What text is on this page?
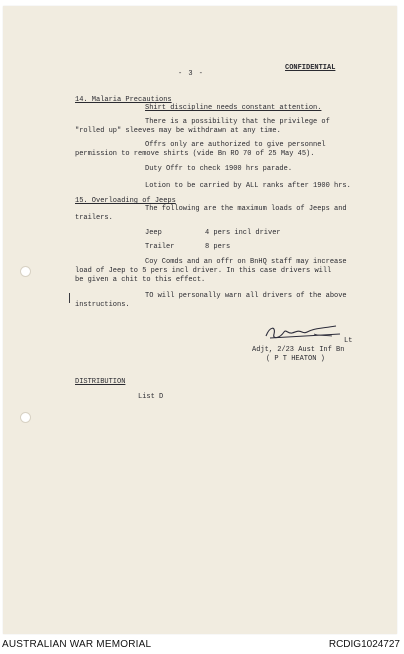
- 3 -
CONFIDENTIAL
14. Malaria Precautions
Shirt discipline needs constant attention.
There is a possibility that the privilege of
"rolled up" sleeves may be withdrawn at any time.
Offrs only are authorized to give personnel
permission to remove shirts (vide Bn RO 70 of 25 May 45).
Duty Offr to check 1900 hrs parade.
Lotion to be carried by ALL ranks after 1900 hrs.
15. Overloading of Jeeps
The following are the maximum loads of Jeeps and
trailers.
Jeep	4 pers incl driver
Trailer	8 pers
Coy Comds and an offr on BnHQ staff may increase
load of Jeep to 5 pers incl driver. In this case drivers will
be given a chit to this effect.
TO will personally warn all drivers of the above
instructions.
Lt
Adjt, 2/23 Aust Inf Bn
( P T HEATON )
DISTRIBUTION
List D
AUSTRALIAN WAR MEMORIAL	RCDIG1024727
